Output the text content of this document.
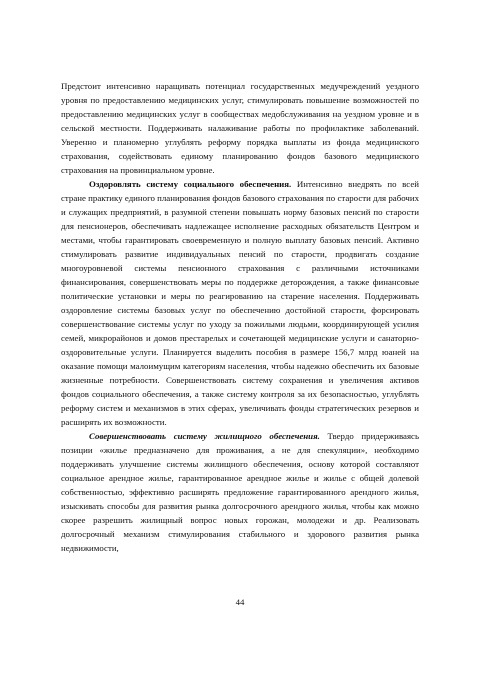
Предстоит интенсивно наращивать потенциал государственных медучреждений уездного уровня по предоставлению медицинских услуг, стимулировать повышение возможностей по предоставлению медицинских услуг в сообществах медобслуживания на уездном уровне и в сельской местности. Поддерживать налаживание работы по профилактике заболеваний. Уверенно и планомерно углублять реформу порядка выплаты из фонда медицинского страхования, содействовать единому планированию фондов базового медицинского страхования на провинциальном уровне.

Оздоровлять систему социального обеспечения. Интенсивно внедрять по всей стране практику единого планирования фондов базового страхования по старости для рабочих и служащих предприятий, в разумной степени повышать норму базовых пенсий по старости для пенсионеров, обеспечивать надлежащее исполнение расходных обязательств Центром и местами, чтобы гарантировать своевременную и полную выплату базовых пенсий. Активно стимулировать развитие индивидуальных пенсий по старости, продвигать создание многоуровневой системы пенсионного страхования с различными источниками финансирования, совершенствовать меры по поддержке деторождения, а также финансовые политические установки и меры по реагированию на старение населения. Поддерживать оздоровление системы базовых услуг по обеспечению достойной старости, форсировать совершенствование системы услуг по уходу за пожилыми людьми, координирующей усилия семей, микрорайонов и домов престарелых и сочетающей медицинские услуги и санаторно-оздоровительные услуги. Планируется выделить пособия в размере 156,7 млрд юаней на оказание помощи малоимущим категориям населения, чтобы надежно обеспечить их базовые жизненные потребности. Совершенствовать систему сохранения и увеличения активов фондов социального обеспечения, а также систему контроля за их безопасностью, углублять реформу систем и механизмов в этих сферах, увеличивать фонды стратегических резервов и расширять их возможности.

Совершенствовать систему жилищного обеспечения. Твердо придерживаясь позиции «жилье предназначено для проживания, а не для спекуляции», необходимо поддерживать улучшение системы жилищного обеспечения, основу которой составляют социальное арендное жилье, гарантированное арендное жилье и жилье с общей долевой собственностью, эффективно расширять предложение гарантированного арендного жилья, изыскивать способы для развития рынка долгосрочного арендного жилья, чтобы как можно скорее разрешить жилищный вопрос новых горожан, молодежи и др. Реализовать долгосрочный механизм стимулирования стабильного и здорового развития рынка недвижимости,

44
